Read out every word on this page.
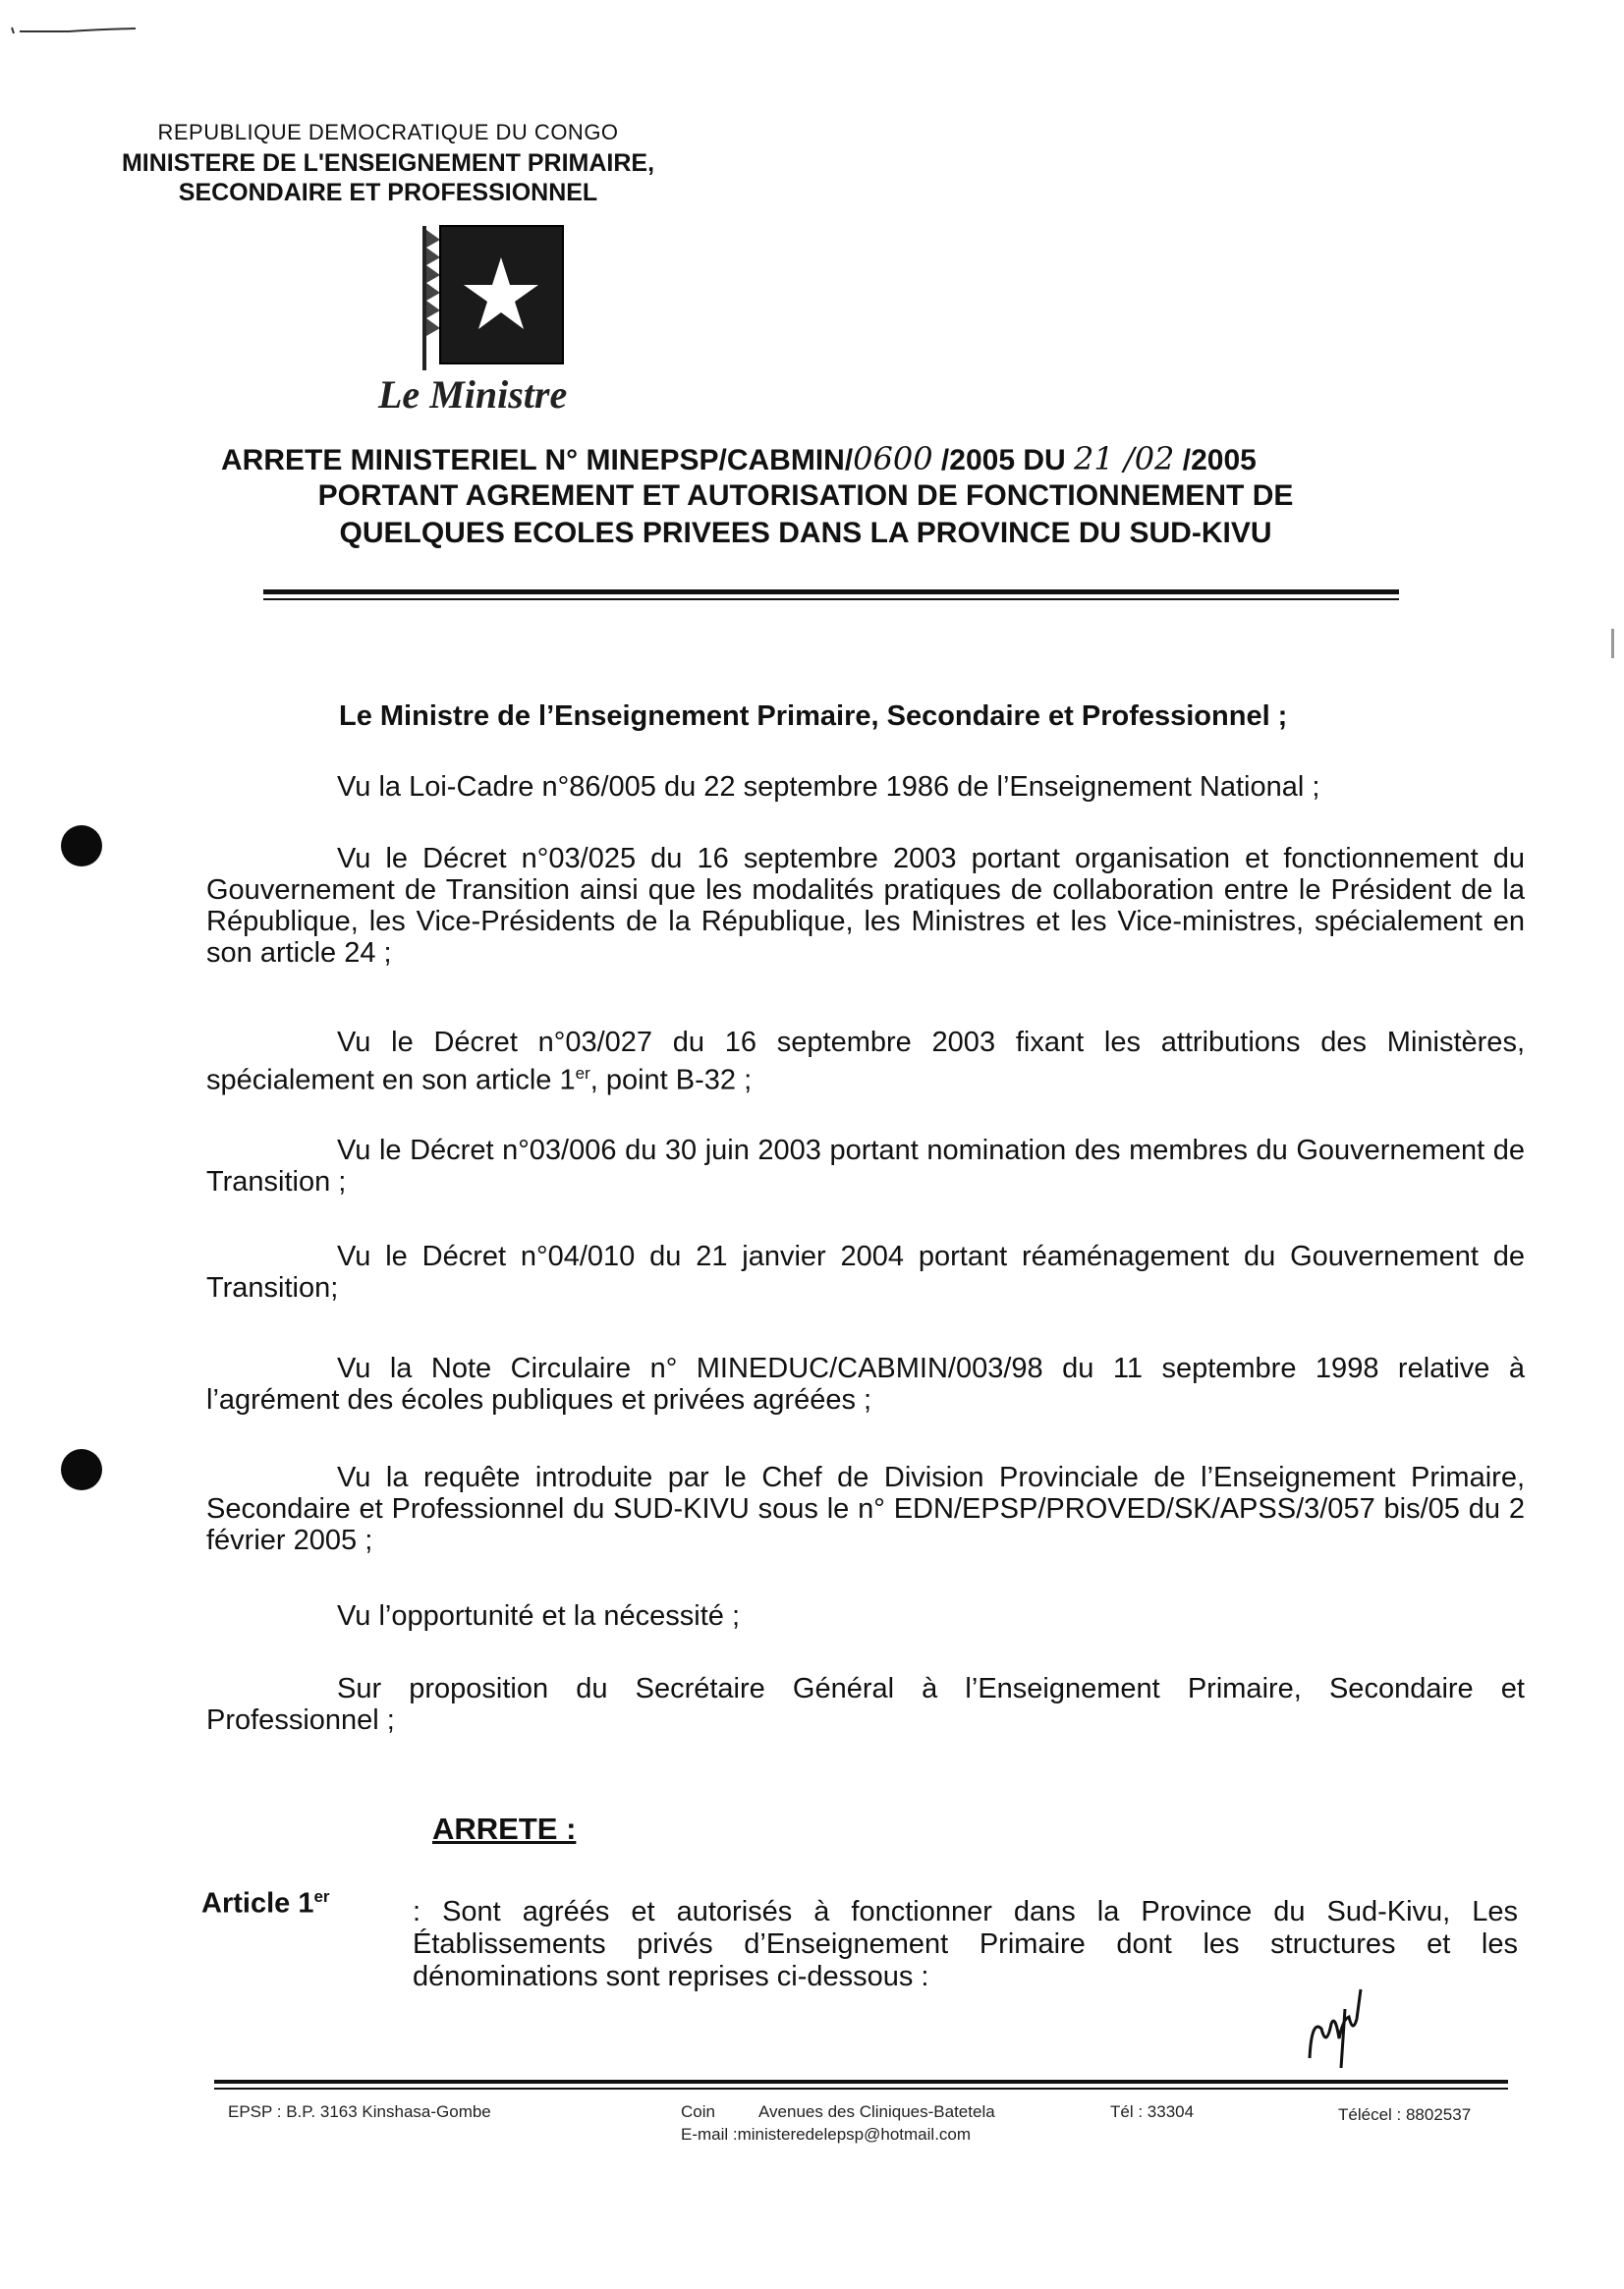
REPUBLIQUE DEMOCRATIQUE DU CONGO
MINISTERE DE L'ENSEIGNEMENT PRIMAIRE,
SECONDAIRE ET PROFESSIONNEL
Le Ministre
ARRETE MINISTERIEL N° MINEPSP/CABMIN/0600 /2005 DU 21 /02 /2005
PORTANT AGREMENT ET AUTORISATION DE FONCTIONNEMENT DE
QUELQUES ECOLES PRIVEES DANS LA PROVINCE DU SUD-KIVU
Le Ministre de l’Enseignement Primaire, Secondaire et Professionnel ;
Vu la Loi-Cadre n°86/005 du 22 septembre 1986 de l’Enseignement National ;
Vu le Décret n°03/025 du 16 septembre 2003 portant organisation et fonctionnement du Gouvernement de Transition ainsi que les modalités pratiques de collaboration entre le Président de la République, les Vice-Présidents de la République, les Ministres et les Vice-ministres, spécialement en son article 24 ;
Vu le Décret n°03/027 du 16 septembre 2003 fixant les attributions des Ministères, spécialement en son article 1er, point B-32 ;
Vu le Décret n°03/006 du 30 juin 2003 portant nomination des membres du Gouvernement de Transition ;
Vu le Décret n°04/010 du 21 janvier 2004 portant réaménagement du Gouvernement de Transition;
Vu la Note Circulaire n° MINEDUC/CABMIN/003/98 du 11 septembre 1998 relative à l’agrément des écoles publiques et privées agréées ;
Vu la requête introduite par le Chef de Division Provinciale de l’Enseignement Primaire, Secondaire et Professionnel du SUD-KIVU sous le n° EDN/EPSP/PROVED/SK/APSS/3/057 bis/05 du 2 février 2005 ;
Vu l’opportunité et la nécessité ;
Sur proposition du Secrétaire Général à l’Enseignement Primaire, Secondaire et Professionnel ;
ARRETE :
Article 1er	: Sont agréés et autorisés à fonctionner dans la Province du Sud-Kivu, Les Établissements privés d’Enseignement Primaire dont les structures et les dénominations sont reprises ci-dessous :
EPSP : B.P. 3163 Kinshasa-Gombe	Coin	Avenues des Cliniques-Batetela
E-mail :ministeredelepsp@hotmail.com
Tél : 33304	Télécel : 8802537
